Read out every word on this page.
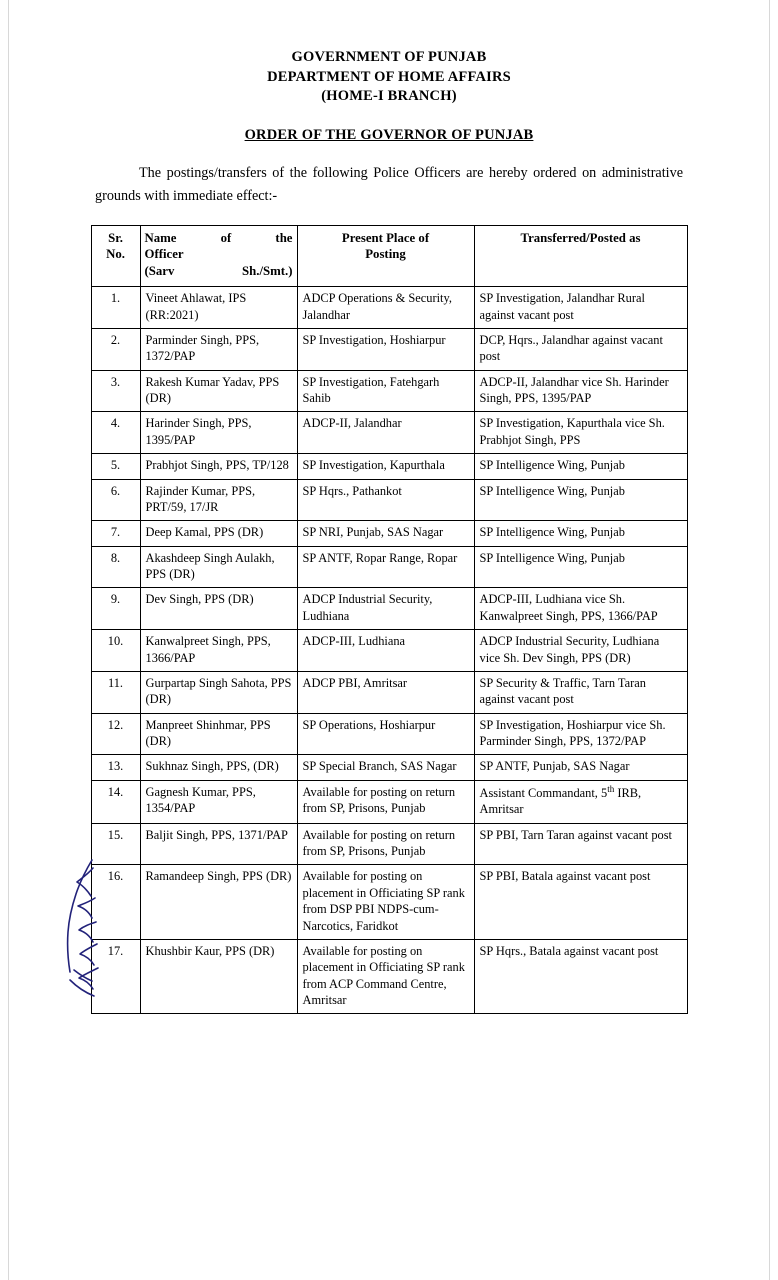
GOVERNMENT OF PUNJAB
DEPARTMENT OF HOME AFFAIRS
(HOME-I BRANCH)
ORDER OF THE GOVERNOR OF PUNJAB

The postings/transfers of the following Police Officers are hereby ordered on administrative grounds with immediate effect:-

Sr.
No.	Name of the
Officer
(Sarv Sh./Smt.)	Present Place of
Posting	Transferred/Posted as
1.	Vineet Ahlawat, IPS (RR:2021)	ADCP Operations & Security, Jalandhar	SP Investigation, Jalandhar Rural against vacant post
2.	Parminder Singh, PPS, 1372/PAP	SP Investigation, Hoshiarpur	DCP, Hqrs., Jalandhar against vacant post
3.	Rakesh Kumar Yadav, PPS (DR)	SP Investigation, Fatehgarh Sahib	ADCP-II, Jalandhar vice Sh. Harinder Singh, PPS, 1395/PAP
4.	Harinder Singh, PPS, 1395/PAP	ADCP-II, Jalandhar	SP Investigation, Kapurthala vice Sh. Prabhjot Singh, PPS
5.	Prabhjot Singh, PPS, TP/128	SP Investigation, Kapurthala	SP Intelligence Wing, Punjab
6.	Rajinder Kumar, PPS, PRT/59, 17/JR	SP Hqrs., Pathankot	SP Intelligence Wing, Punjab
7.	Deep Kamal, PPS (DR)	SP NRI, Punjab, SAS Nagar	SP Intelligence Wing, Punjab
8.	Akashdeep Singh Aulakh, PPS (DR)	SP ANTF, Ropar Range, Ropar	SP Intelligence Wing, Punjab
9.	Dev Singh, PPS (DR)	ADCP Industrial Security, Ludhiana	ADCP-III, Ludhiana vice Sh. Kanwalpreet Singh, PPS, 1366/PAP
10.	Kanwalpreet Singh, PPS, 1366/PAP	ADCP-III, Ludhiana	ADCP Industrial Security, Ludhiana vice Sh. Dev Singh, PPS (DR)
11.	Gurpartap Singh Sahota, PPS (DR)	ADCP PBI, Amritsar	SP Security & Traffic, Tarn Taran against vacant post
12.	Manpreet Shinhmar, PPS (DR)	SP Operations, Hoshiarpur	SP Investigation, Hoshiarpur vice Sh. Parminder Singh, PPS, 1372/PAP
13.	Sukhnaz Singh, PPS, (DR)	SP Special Branch, SAS Nagar	SP ANTF, Punjab, SAS Nagar
14.	Gagnesh Kumar, PPS, 1354/PAP	Available for posting on return from SP, Prisons, Punjab	Assistant Commandant, 5th IRB, Amritsar
15.	Baljit Singh, PPS, 1371/PAP	Available for posting on return from SP, Prisons, Punjab	SP PBI, Tarn Taran against vacant post
16.	Ramandeep Singh, PPS (DR)	Available for posting on placement in Officiating SP rank from DSP PBI NDPS-cum-Narcotics, Faridkot	SP PBI, Batala against vacant post
17.	Khushbir Kaur, PPS (DR)	Available for posting on placement in Officiating SP rank from ACP Command Centre, Amritsar	SP Hqrs., Batala against vacant post
